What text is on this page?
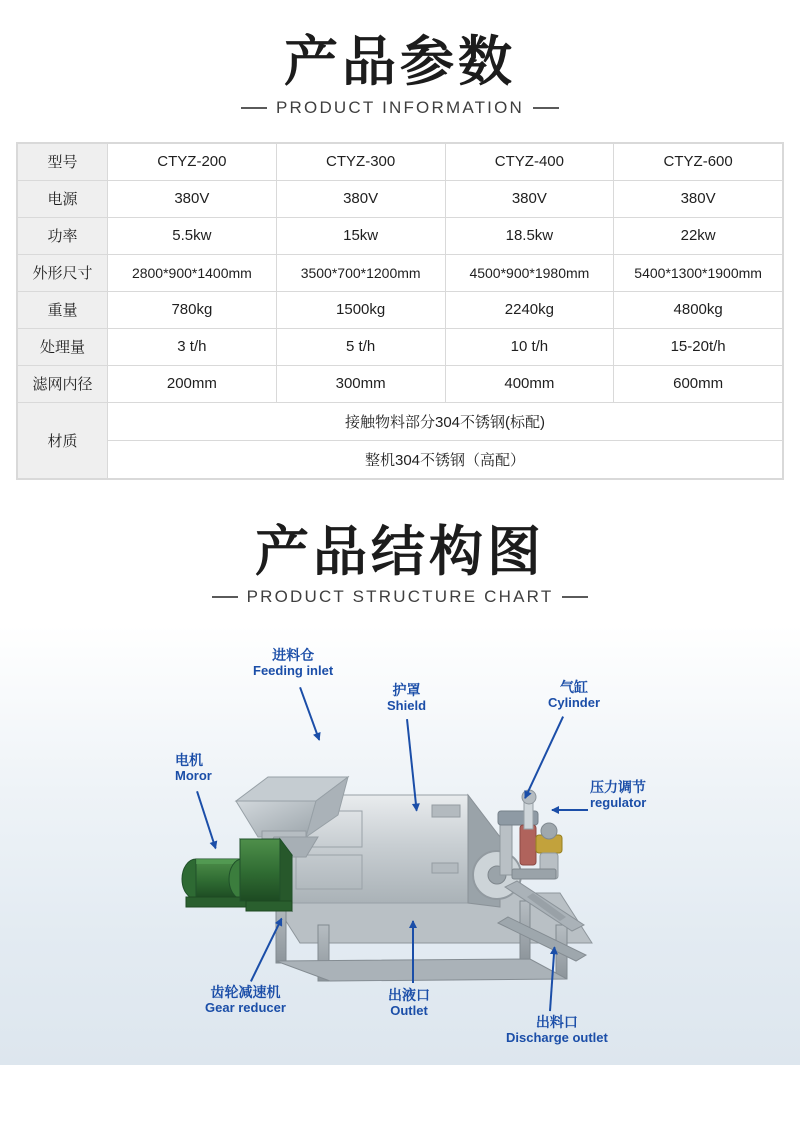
产品参数
PRODUCT INFORMATION
型号	CTYZ-200	CTYZ-300	CTYZ-400	CTYZ-600
电源	380V	380V	380V	380V
功率	5.5kw	15kw	18.5kw	22kw
外形尺寸	2800*900*1400mm	3500*700*1200mm	4500*900*1980mm	5400*1300*1900mm
重量	780kg	1500kg	2240kg	4800kg
处理量	3 t/h	5 t/h	10 t/h	15-20t/h
滤网内径	200mm	300mm	400mm	600mm
材质	接触物料部分304不锈钢(标配)			
	整机304不锈钢（高配）			
产品结构图
PRODUCT STRUCTURE CHART
进料仓
Feeding inlet
护罩
Shield
气缸
Cylinder
电机
Moror
压力调节
regulator
齿轮减速机
Gear reducer
出液口
Outlet
出料口
Discharge outlet
